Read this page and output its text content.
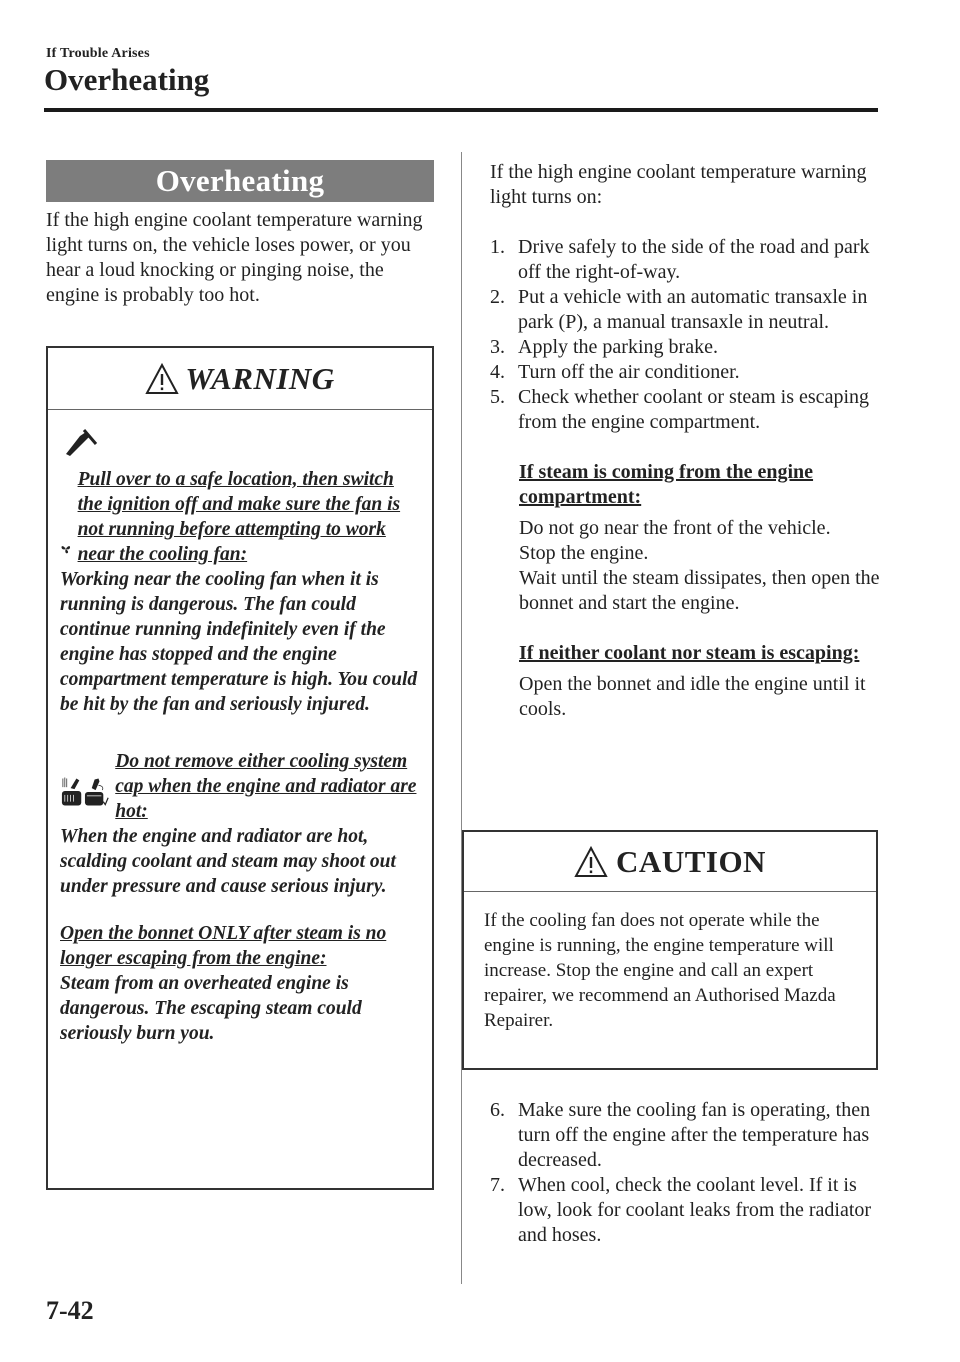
If Trouble Arises
Overheating
Overheating

If the high engine coolant temperature warning light turns on, the vehicle loses power, or you hear a loud knocking or pinging noise, the engine is probably too hot.

WARNING
Pull over to a safe location, then switch the ignition off and make sure the fan is not running before attempting to work near the cooling fan:

Working near the cooling fan when it is running is dangerous. The fan could continue running indefinitely even if the engine has stopped and the engine compartment temperature is high. You could be hit by the fan and seriously injured.

Do not remove either cooling system cap when the engine and radiator are hot:

When the engine and radiator are hot, scalding coolant and steam may shoot out under pressure and cause serious injury.

Open the bonnet ONLY after steam is no longer escaping from the engine:

Steam from an overheated engine is dangerous. The escaping steam could seriously burn you.

If the high engine coolant temperature warning light turns on:

1. Drive safely to the side of the road and park off the right-of-way.
2. Put a vehicle with an automatic transaxle in park (P), a manual transaxle in neutral.
3. Apply the parking brake.
4. Turn off the air conditioner.
5. Check whether coolant or steam is escaping from the engine compartment.

If steam is coming from the engine compartment:

Do not go near the front of the vehicle.

Stop the engine.

Wait until the steam dissipates, then open the bonnet and start the engine.

If neither coolant nor steam is escaping:

Open the bonnet and idle the engine until it cools.

CAUTION

If the cooling fan does not operate while the engine is running, the engine temperature will increase. Stop the engine and call an expert repairer, we recommend an Authorised Mazda Repairer.

6. Make sure the cooling fan is operating, then turn off the engine after the temperature has decreased.
7. When cool, check the coolant level. If it is low, look for coolant leaks from the radiator and hoses.
7-42
